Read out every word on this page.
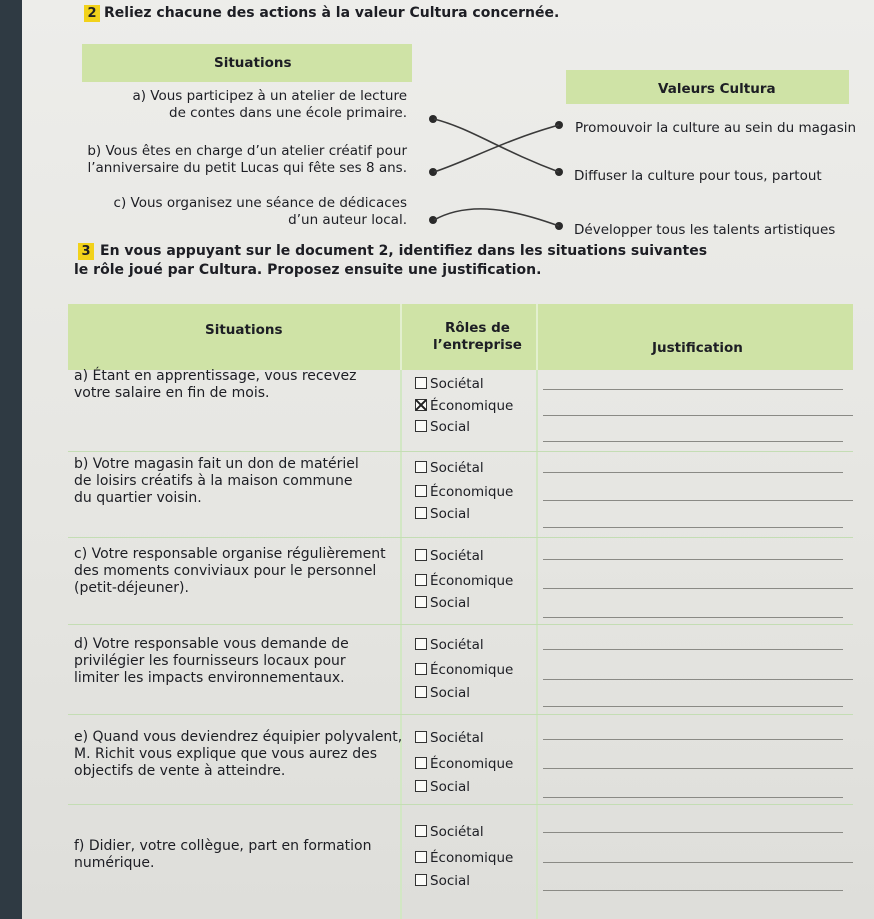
2 Reliez chacune des actions à la valeur Cultura concernée.
Situations
Valeurs Cultura
a) Vous participez à un atelier de lecture
de contes dans une école primaire.
b) Vous êtes en charge d’un atelier créatif pour
l’anniversaire du petit Lucas qui fête ses 8 ans.
c) Vous organisez une séance de dédicaces
d’un auteur local.
Promouvoir la culture au sein du magasin
Diffuser la culture pour tous, partout
Développer tous les talents artistiques
3 En vous appuyant sur le document 2, identifiez dans les situations suivantes
le rôle joué par Cultura. Proposez ensuite une justification.
Situations	Rôles de
l’entreprise	Justification
a) Étant en apprentissage, vous recevez
votre salaire en fin de mois.
Sociétal
Économique
Social
b) Votre magasin fait un don de matériel
de loisirs créatifs à la maison commune
du quartier voisin.
Sociétal
Économique
Social
c) Votre responsable organise régulièrement
des moments conviviaux pour le personnel
(petit-déjeuner).
Sociétal
Économique
Social
d) Votre responsable vous demande de
privilégier les fournisseurs locaux pour
limiter les impacts environnementaux.
Sociétal
Économique
Social
e) Quand vous deviendrez équipier polyvalent,
M. Richit vous explique que vous aurez des
objectifs de vente à atteindre.
Sociétal
Économique
Social
f) Didier, votre collègue, part en formation
numérique.
Sociétal
Économique
Social
